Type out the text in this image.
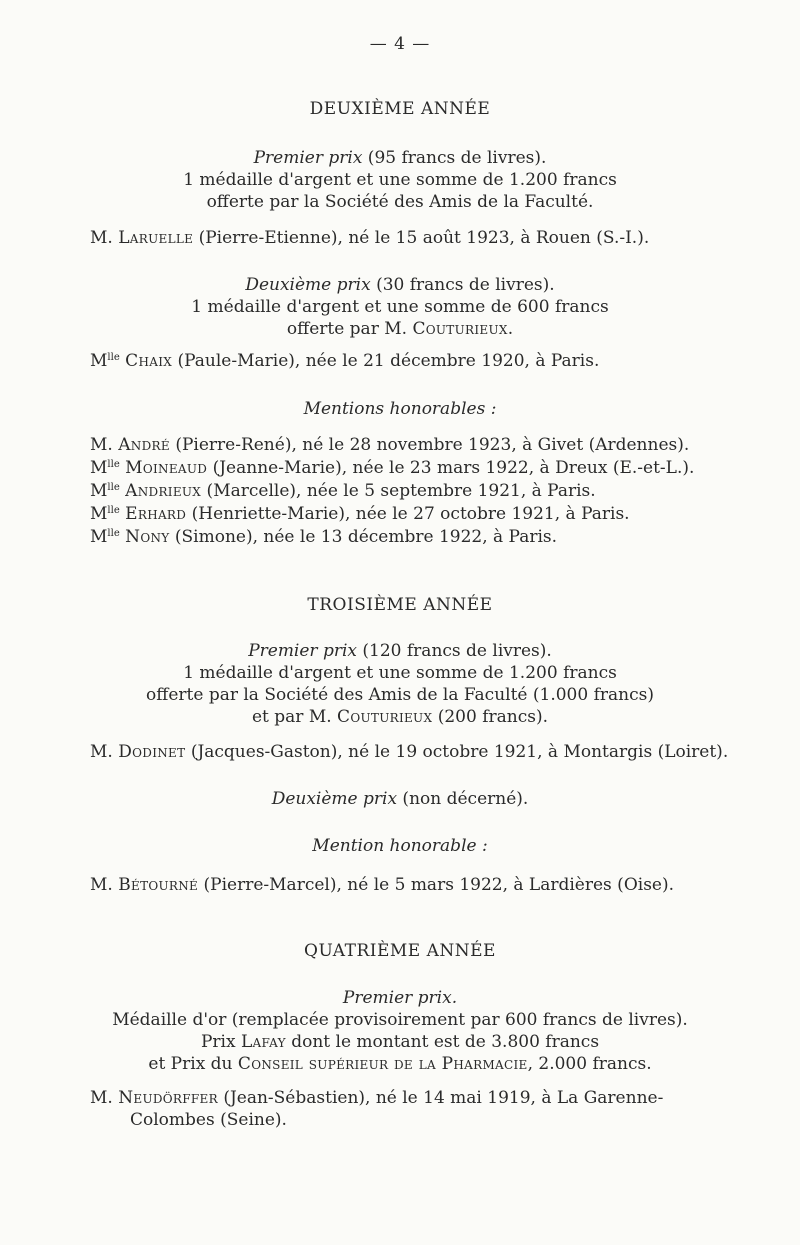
— 4 —
DEUXIÈME ANNÉE
Premier prix (95 francs de livres).
1 médaille d'argent et une somme de 1.200 francs
offerte par la Société des Amis de la Faculté.
M. Laruelle (Pierre-Etienne), né le 15 août 1923, à Rouen (S.-I.).
Deuxième prix (30 francs de livres).
1 médaille d'argent et une somme de 600 francs
offerte par M. Couturieux.
$M^{lle}$ Chaix (Paule-Marie), née le 21 décembre 1920, à Paris.
Mentions honorables :
M. André (Pierre-René), né le 28 novembre 1923, à Givet (Ardennes).
$M^{lle}$ Moineaud (Jeanne-Marie), née le 23 mars 1922, à Dreux (E.-et-L.).
$M^{lle}$ Andrieux (Marcelle), née le 5 septembre 1921, à Paris.
$M^{lle}$ Erhard (Henriette-Marie), née le 27 octobre 1921, à Paris.
$M^{lle}$ Nony (Simone), née le 13 décembre 1922, à Paris.
TROISIÈME ANNÉE
Premier prix (120 francs de livres).
1 médaille d'argent et une somme de 1.200 francs
offerte par la Société des Amis de la Faculté (1.000 francs)
et par M. Couturieux (200 francs).
M. Dodinet (Jacques-Gaston), né le 19 octobre 1921, à Montargis (Loiret).
Deuxième prix (non décerné).
Mention honorable :
M. Bétourné (Pierre-Marcel), né le 5 mars 1922, à Lardières (Oise).
QUATRIÈME ANNÉE
Premier prix.
Médaille d'or (remplacée provisoirement par 600 francs de livres).
Prix Lafay dont le montant est de 3.800 francs
et Prix du Conseil supérieur de la Pharmacie, 2.000 francs.
M. Neudörffer (Jean-Sébastien), né le 14 mai 1919, à La Garenne-
Colombes (Seine).
